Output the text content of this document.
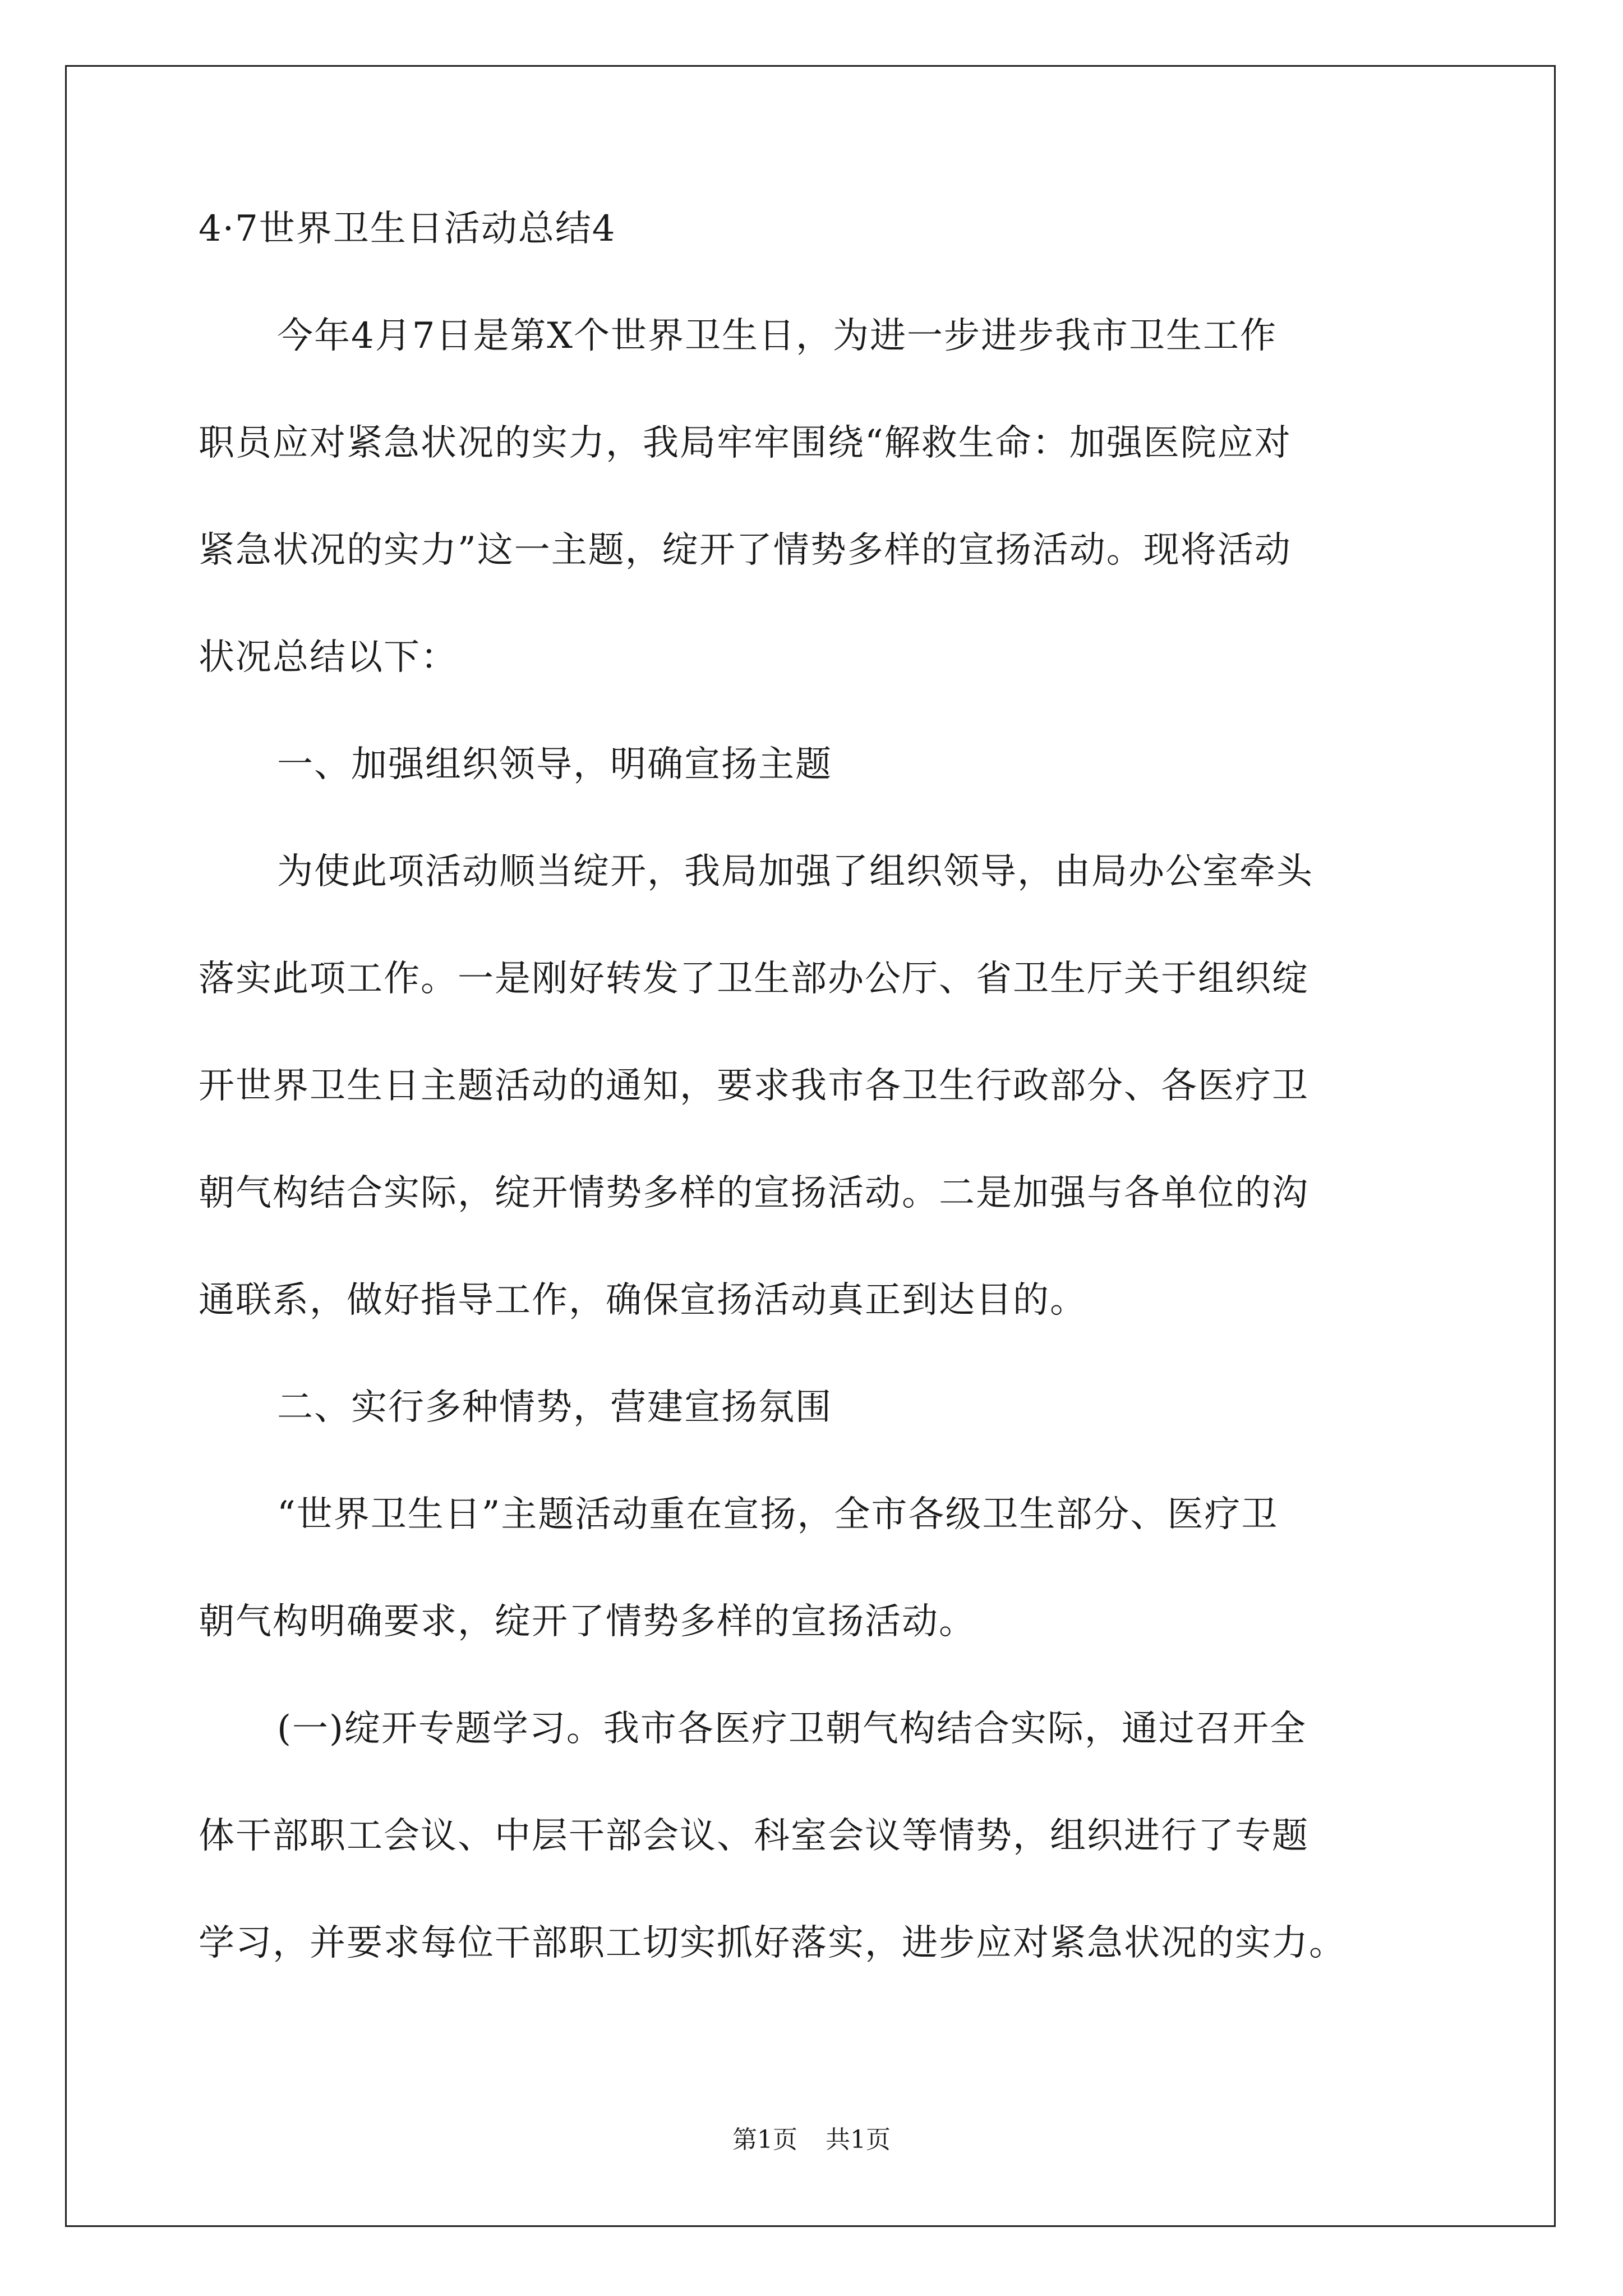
4·7世界卫生日活动总结4
今年4月7日是第X个世界卫生日，为进一步进步我市卫生工作
职员应对紧急状况的实力，我局牢牢围绕“解救生命：加强医院应对
紧急状况的实力”这一主题，绽开了情势多样的宣扬活动。现将活动
状况总结以下：
一、加强组织领导，明确宣扬主题
为使此项活动顺当绽开，我局加强了组织领导，由局办公室牵头
落实此项工作。一是刚好转发了卫生部办公厅、省卫生厅关于组织绽
开世界卫生日主题活动的通知，要求我市各卫生行政部分、各医疗卫
朝气构结合实际，绽开情势多样的宣扬活动。二是加强与各单位的沟
通联系，做好指导工作，确保宣扬活动真正到达目的。
二、实行多种情势，营建宣扬氛围
“世界卫生日”主题活动重在宣扬，全市各级卫生部分、医疗卫
朝气构明确要求，绽开了情势多样的宣扬活动。
(一)绽开专题学习。我市各医疗卫朝气构结合实际，通过召开全
体干部职工会议、中层干部会议、科室会议等情势，组织进行了专题
学习，并要求每位干部职工切实抓好落实，进步应对紧急状况的实力。
第1页 共1页
